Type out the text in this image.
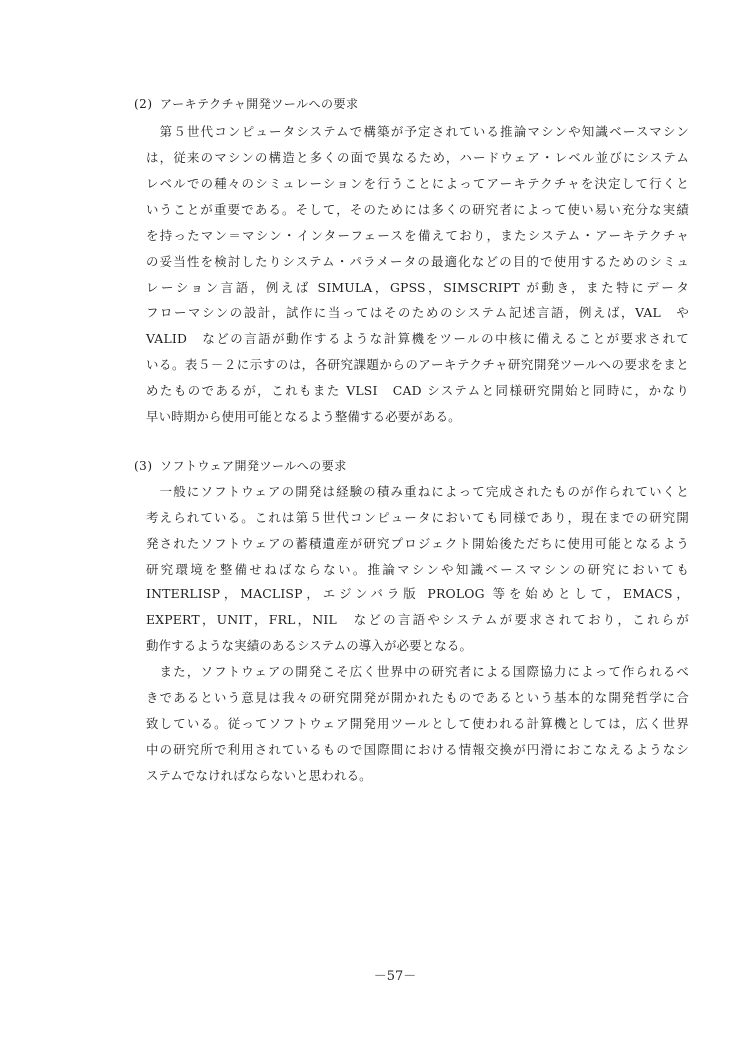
(2) アーキテクチャ開発ツールへの要求
　第５世代コンピュータシステムで構築が予定されている推論マシンや知識ベースマシン
は，従来のマシンの構造と多くの面で異なるため，ハードウェア・レベル並びにシステム
レベルでの種々のシミュレーションを行うことによってアーキテクチャを決定して行くと
いうことが重要である。そして，そのためには多くの研究者によって使い易い充分な実績
を持ったマン＝マシン・インターフェースを備えており，またシステム・アーキテクチャ
の妥当性を検討したりシステム・パラメータの最適化などの目的で使用するためのシミュ
レーション言語，例えば SIMULA，GPSS，SIMSCRIPT が動き，また特にデータ
フローマシンの設計，試作に当ってはそのためのシステム記述言語，例えば，VAL　や
VALID　などの言語が動作するような計算機をツールの中核に備えることが要求されて
いる。表５－２に示すのは，各研究課題からのアーキテクチャ研究開発ツールへの要求をまと
めたものであるが，これもまた VLSI　CAD システムと同様研究開始と同時に，かなり
早い時期から使用可能となるよう整備する必要がある。
(3) ソフトウェア開発ツールへの要求
　一般にソフトウェアの開発は経験の積み重ねによって完成されたものが作られていくと
考えられている。これは第５世代コンピュータにおいても同様であり，現在までの研究開
発されたソフトウェアの蓄積遺産が研究プロジェクト開始後ただちに使用可能となるよう
研究環境を整備せねばならない。推論マシンや知識ベースマシンの研究においても
INTERLISP，MACLISP，エジンバラ版 PROLOG 等を始めとして，EMACS，
EXPERT，UNIT，FRL，NIL　などの言語やシステムが要求されており，これらが
動作するような実績のあるシステムの導入が必要となる。
　また，ソフトウェアの開発こそ広く世界中の研究者による国際協力によって作られるべ
きであるという意見は我々の研究開発が開かれたものであるという基本的な開発哲学に合
致している。従ってソフトウェア開発用ツールとして使われる計算機としては，広く世界
中の研究所で利用されているもので国際間における情報交換が円滑におこなえるようなシ
ステムでなければならないと思われる。
－57－
